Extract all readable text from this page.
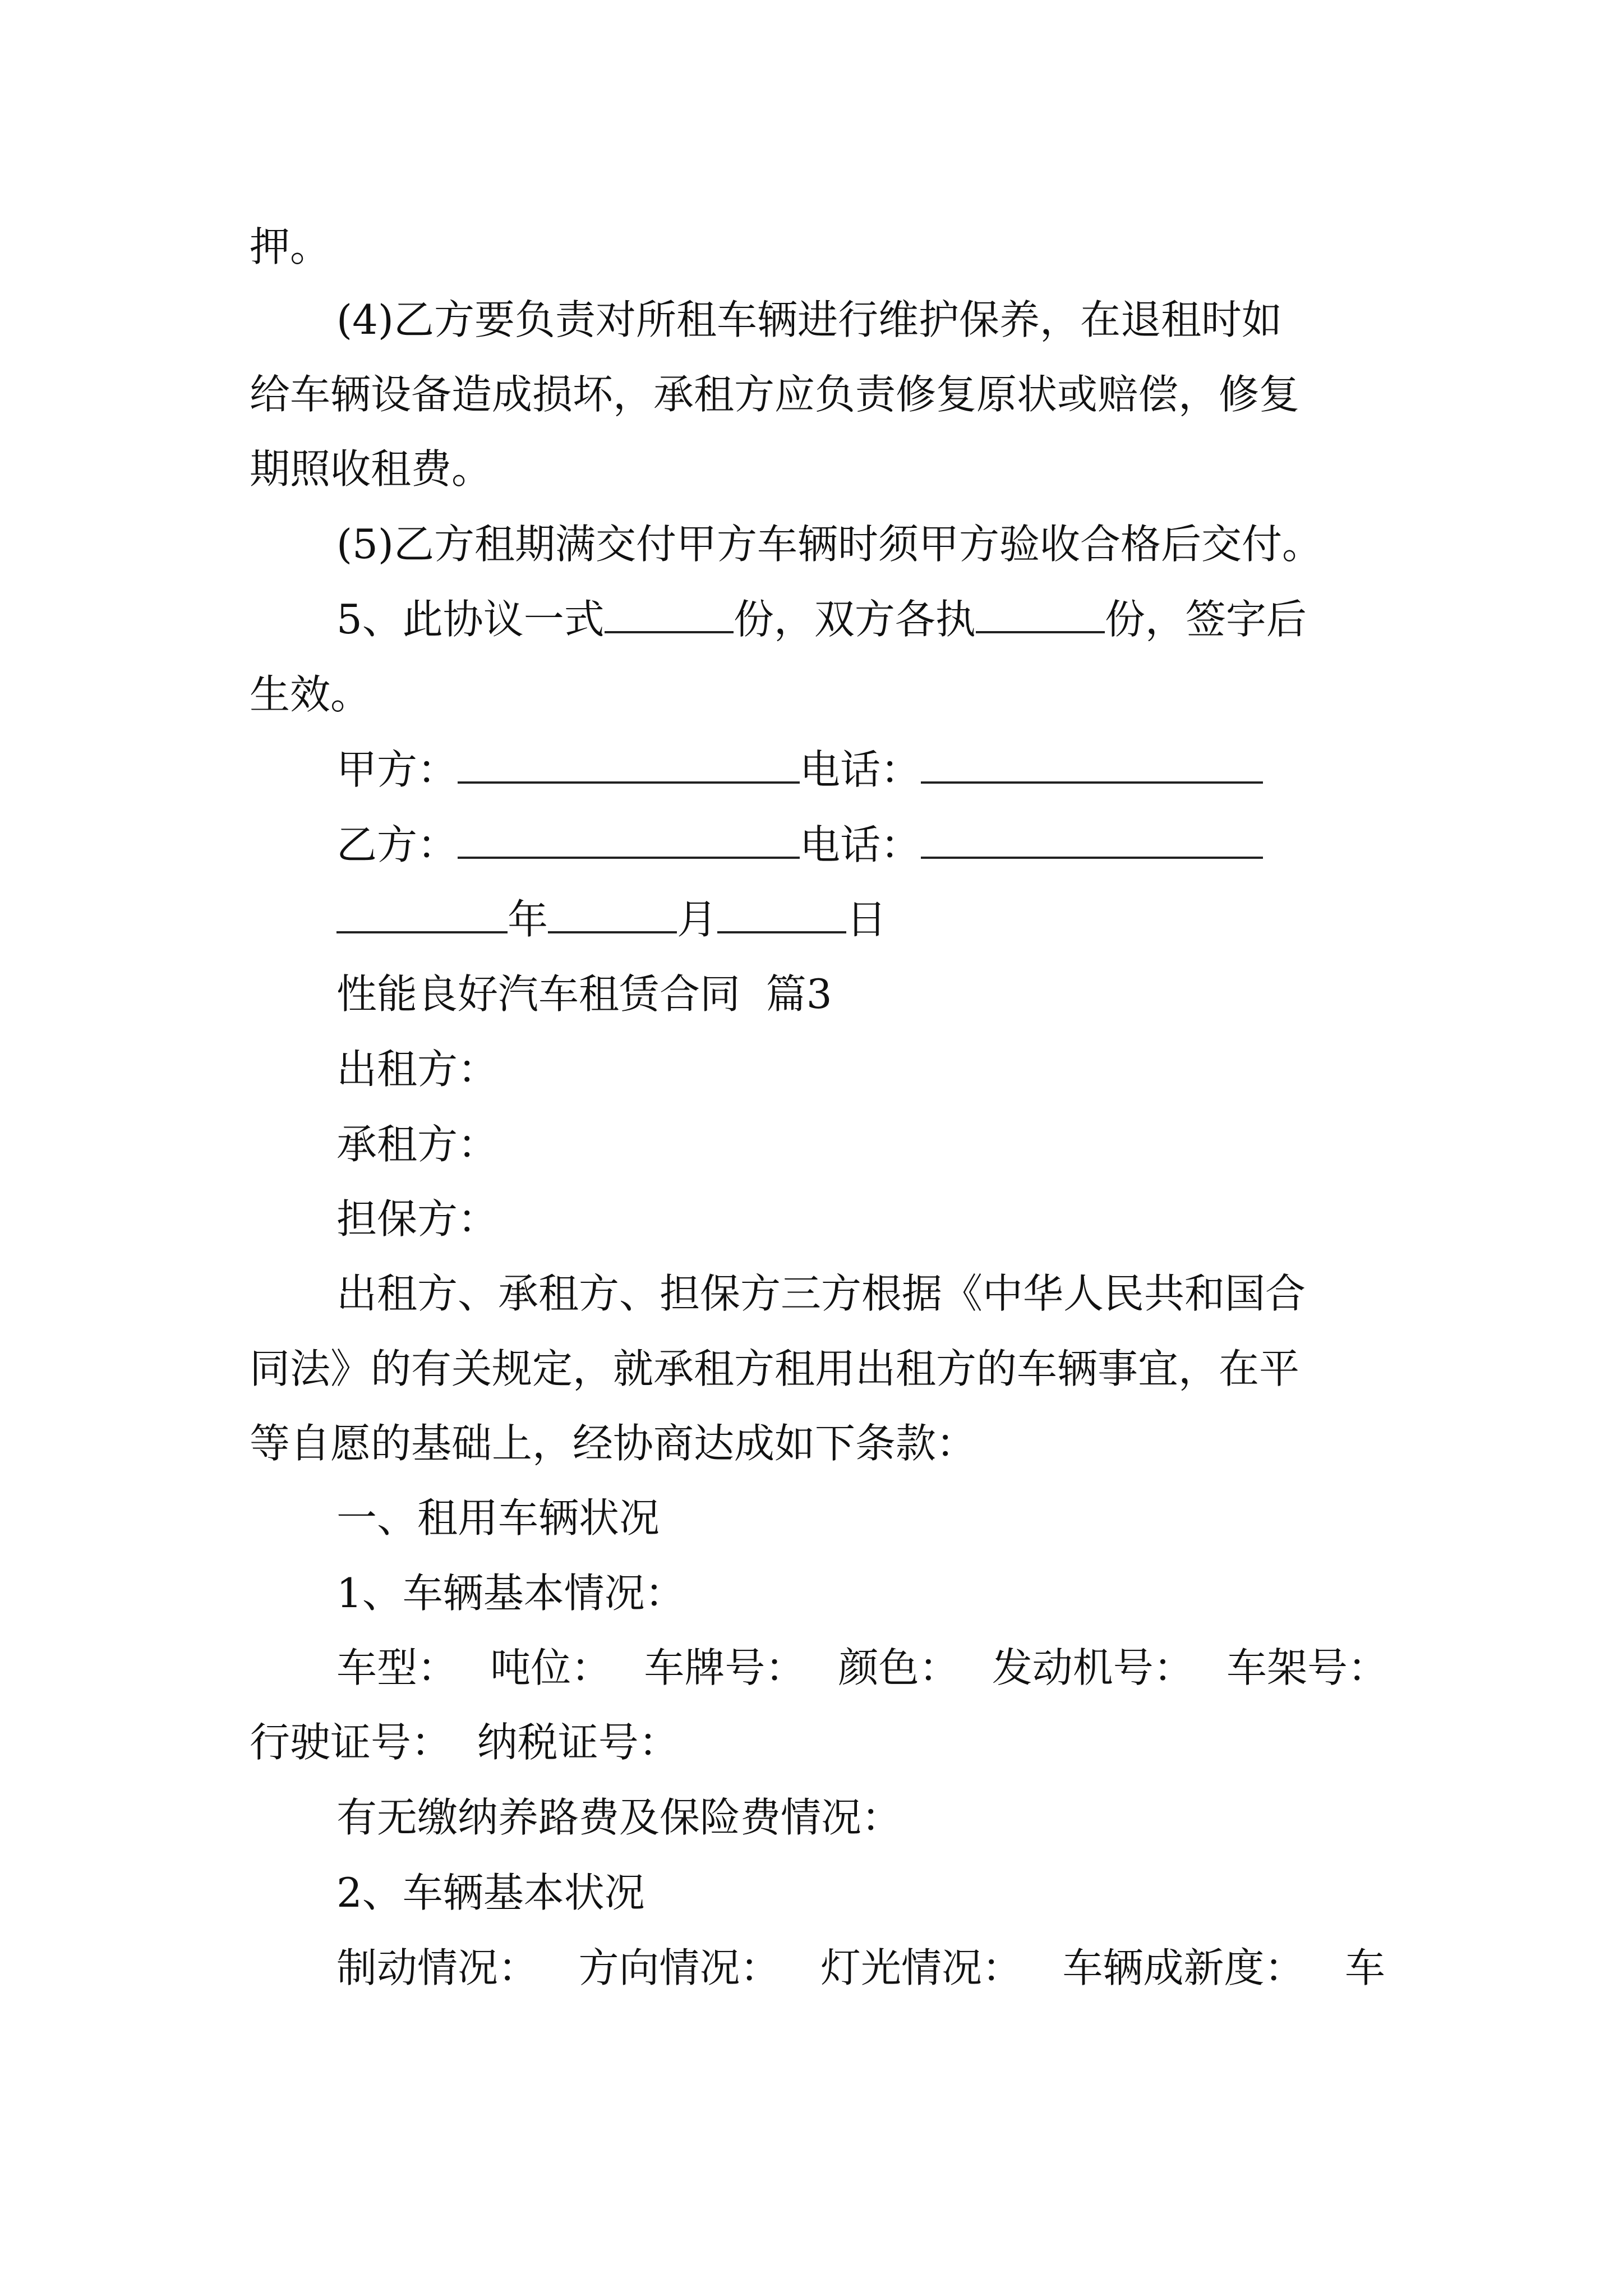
押。
(4)乙方要负责对所租车辆进行维护保养，在退租时如
给车辆设备造成损坏，承租方应负责修复原状或赔偿，修复
期照收租费。
(5)乙方租期满交付甲方车辆时须甲方验收合格后交付。
5、此协议一式	份，双方各执	份，签字后
生效。
甲方：	电话：
乙方：	电话：
年	月	日
性能良好汽车租赁合同  篇3
出租方：
承租方：
担保方：
出租方、承租方、担保方三方根据《中华人民共和国合
同法》的有关规定，就承租方租用出租方的车辆事宜，在平
等自愿的基础上，经协商达成如下条款：
一、租用车辆状况
1、车辆基本情况：
车型： 吨位： 车牌号： 颜色： 发动机号： 车架号：
行驶证号：  纳税证号：
有无缴纳养路费及保险费情况：
2、车辆基本状况
制动情况： 方向情况： 灯光情况： 车辆成新度： 车
